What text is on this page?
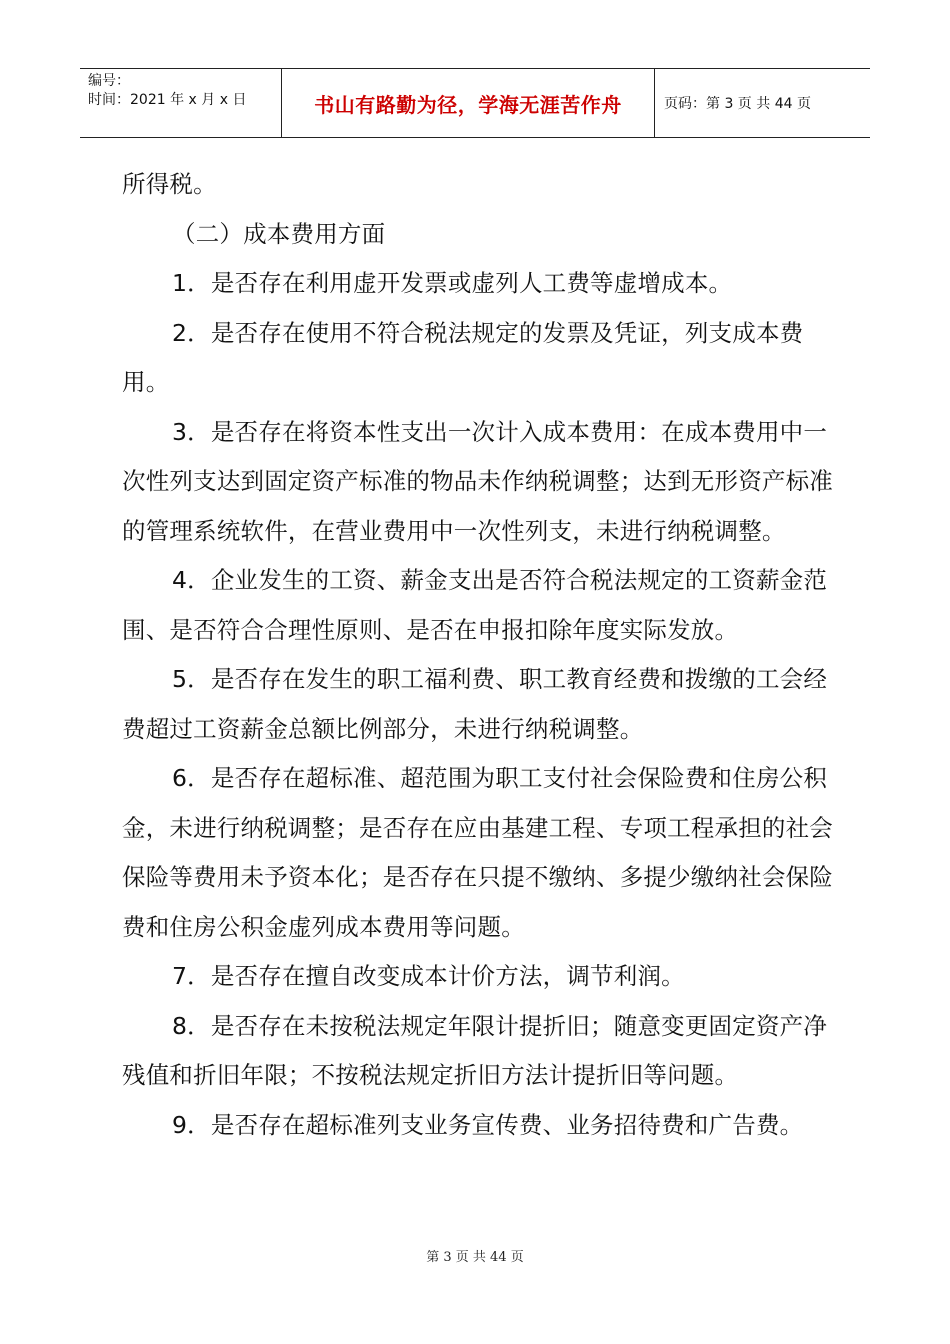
编号：
时间：2021 年 x 月 x 日	书山有路勤为径，学海无涯苦作舟	页码：第 3 页 共 44 页

所得税。

（二）成本费用方面

1．是否存在利用虚开发票或虚列人工费等虚增成本。

2．是否存在使用不符合税法规定的发票及凭证，列支成本费用。

3．是否存在将资本性支出一次计入成本费用：在成本费用中一次性列支达到固定资产标准的物品未作纳税调整；达到无形资产标准的管理系统软件，在营业费用中一次性列支，未进行纳税调整。

4．企业发生的工资、薪金支出是否符合税法规定的工资薪金范围、是否符合合理性原则、是否在申报扣除年度实际发放。

5．是否存在发生的职工福利费、职工教育经费和拨缴的工会经费超过工资薪金总额比例部分，未进行纳税调整。

6．是否存在超标准、超范围为职工支付社会保险费和住房公积金，未进行纳税调整；是否存在应由基建工程、专项工程承担的社会保险等费用未予资本化；是否存在只提不缴纳、多提少缴纳社会保险费和住房公积金虚列成本费用等问题。

7．是否存在擅自改变成本计价方法，调节利润。

8．是否存在未按税法规定年限计提折旧；随意变更固定资产净残值和折旧年限；不按税法规定折旧方法计提折旧等问题。

9．是否存在超标准列支业务宣传费、业务招待费和广告费。

第 3 页 共 44 页
